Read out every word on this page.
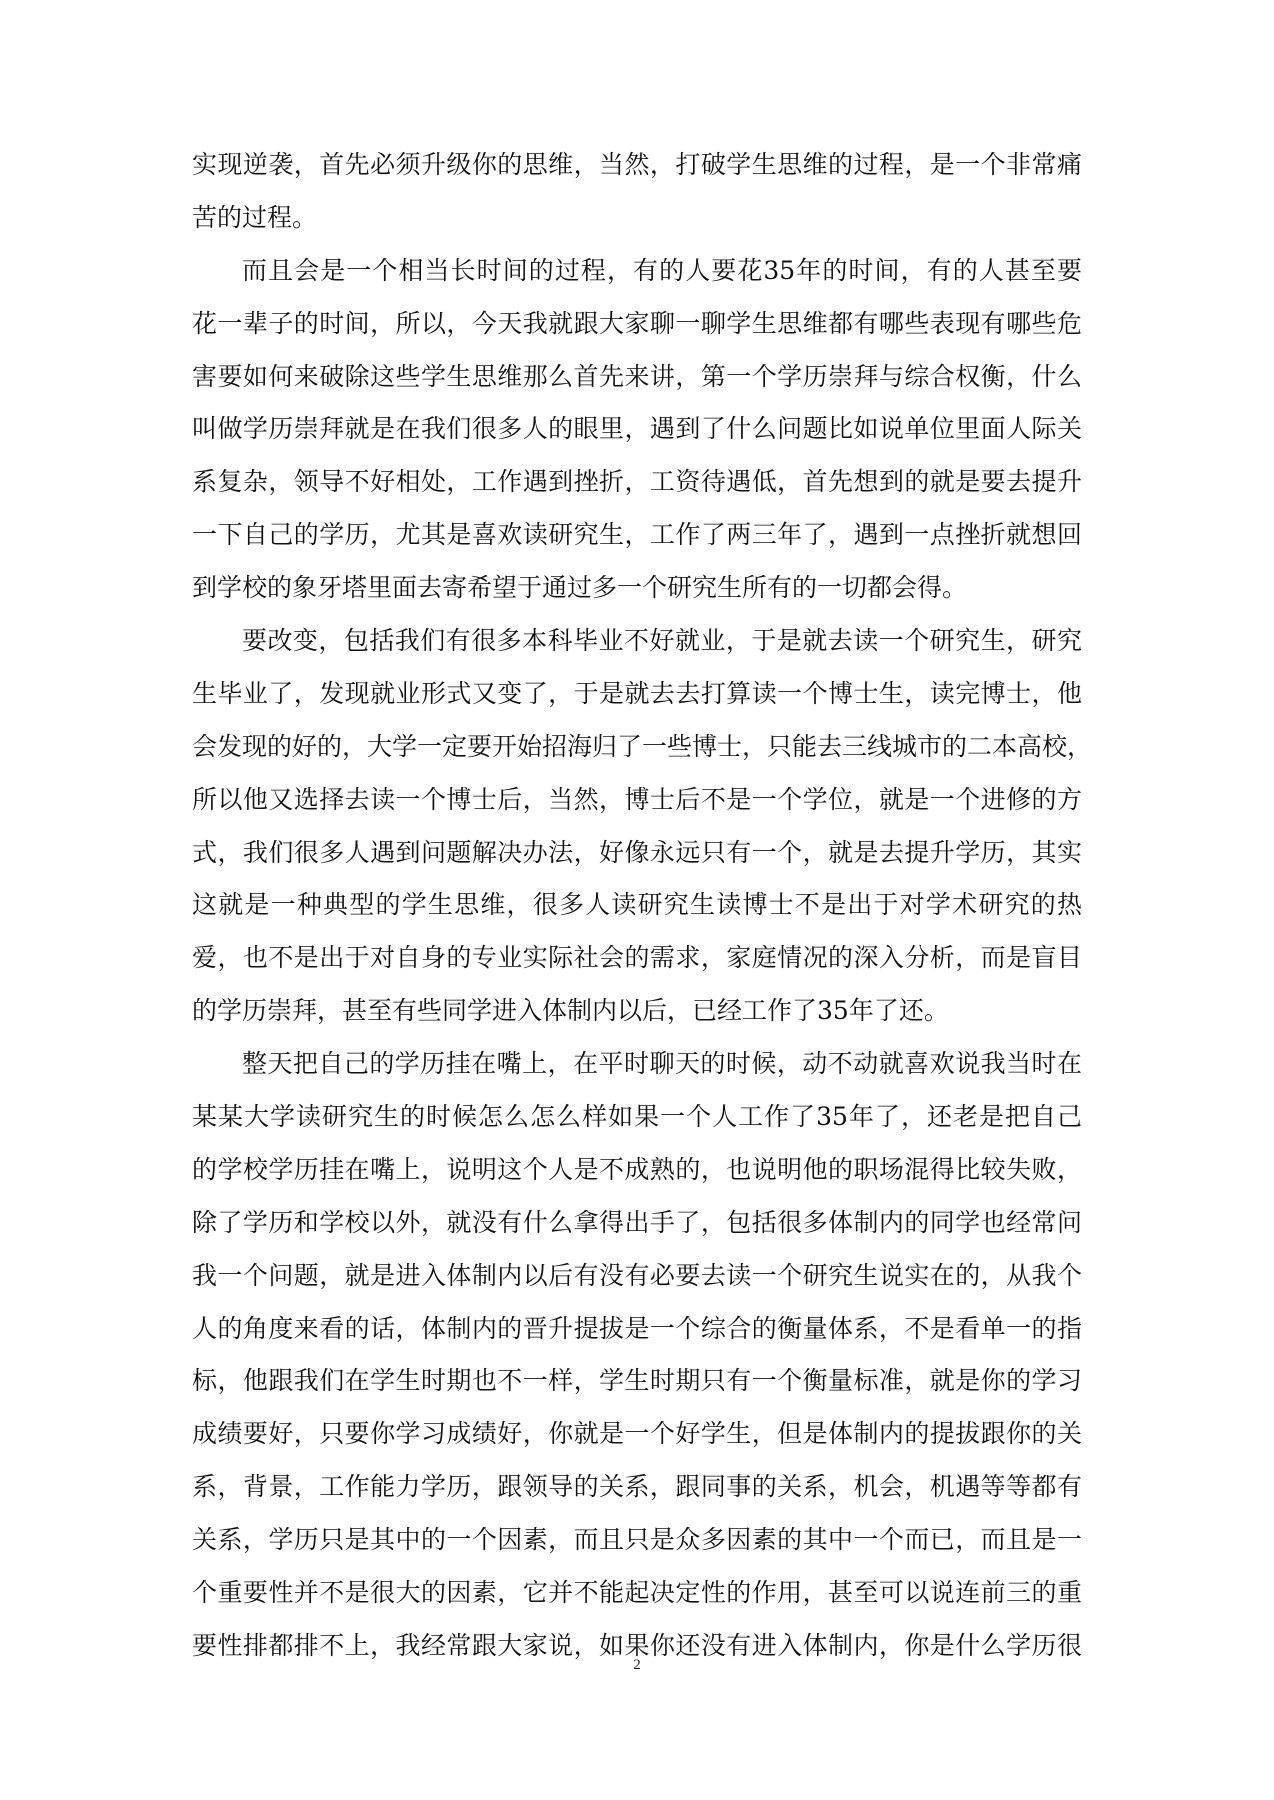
实现逆袭，首先必须升级你的思维，当然，打破学生思维的过程，是一个非常痛
苦的过程。
而且会是一个相当长时间的过程，有的人要花35年的时间，有的人甚至要
花一辈子的时间，所以，今天我就跟大家聊一聊学生思维都有哪些表现有哪些危
害要如何来破除这些学生思维那么首先来讲，第一个学历崇拜与综合权衡，什么
叫做学历崇拜就是在我们很多人的眼里，遇到了什么问题比如说单位里面人际关
系复杂，领导不好相处，工作遇到挫折，工资待遇低，首先想到的就是要去提升
一下自己的学历，尤其是喜欢读研究生，工作了两三年了，遇到一点挫折就想回
到学校的象牙塔里面去寄希望于通过多一个研究生所有的一切都会得。
要改变，包括我们有很多本科毕业不好就业，于是就去读一个研究生，研究
生毕业了，发现就业形式又变了，于是就去去打算读一个博士生，读完博士，他
会发现的好的，大学一定要开始招海归了一些博士，只能去三线城市的二本高校，
所以他又选择去读一个博士后，当然，博士后不是一个学位，就是一个进修的方
式，我们很多人遇到问题解决办法，好像永远只有一个，就是去提升学历，其实
这就是一种典型的学生思维，很多人读研究生读博士不是出于对学术研究的热
爱，也不是出于对自身的专业实际社会的需求，家庭情况的深入分析，而是盲目
的学历崇拜，甚至有些同学进入体制内以后，已经工作了35年了还。
整天把自己的学历挂在嘴上，在平时聊天的时候，动不动就喜欢说我当时在
某某大学读研究生的时候怎么怎么样如果一个人工作了35年了，还老是把自己
的学校学历挂在嘴上，说明这个人是不成熟的，也说明他的职场混得比较失败，
除了学历和学校以外，就没有什么拿得出手了，包括很多体制内的同学也经常问
我一个问题，就是进入体制内以后有没有必要去读一个研究生说实在的，从我个
人的角度来看的话，体制内的晋升提拔是一个综合的衡量体系，不是看单一的指
标，他跟我们在学生时期也不一样，学生时期只有一个衡量标准，就是你的学习
成绩要好，只要你学习成绩好，你就是一个好学生，但是体制内的提拔跟你的关
系，背景，工作能力学历，跟领导的关系，跟同事的关系，机会，机遇等等都有
关系，学历只是其中的一个因素，而且只是众多因素的其中一个而已，而且是一
个重要性并不是很大的因素，它并不能起决定性的作用，甚至可以说连前三的重
要性排都排不上，我经常跟大家说，如果你还没有进入体制内，你是什么学历很
2
